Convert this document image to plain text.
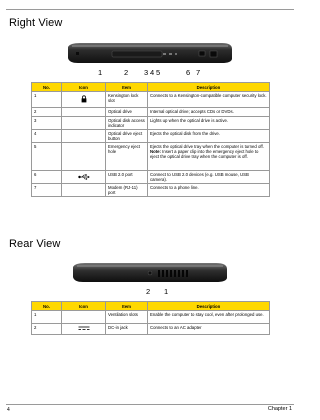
Right View
1	2 3 4 5	6 7
No.	Icon	Item	Description
1		Kensington lock slot	Connects to a Kensington-compatible computer security lock.
2		Optical drive	Internal optical drive; accepts CDs or DVDs.
3		Optical disk access indicator	Lights up when the optical drive is active.
4		Optical drive eject button	Ejects the optical disk from the drive.
5		Emergency eject hole	Ejects the optical drive tray when the computer is turned off. Note: Insert a paper clip into the emergency eject hole to eject the optical drive tray when the computer is off.
6		USB 2.0 port	Connect to USB 2.0 devices (e.g. USB mouse, USB camera).
7		Modem (RJ-11) port	Connects to a phone line.
Rear View
2 1
No.	Icon	Item	Description
1		Ventilation slots	Enable the computer to stay cool, even after prolonged use.
2		DC-in jack	Connects to an AC adapter
4	Chapter 1
